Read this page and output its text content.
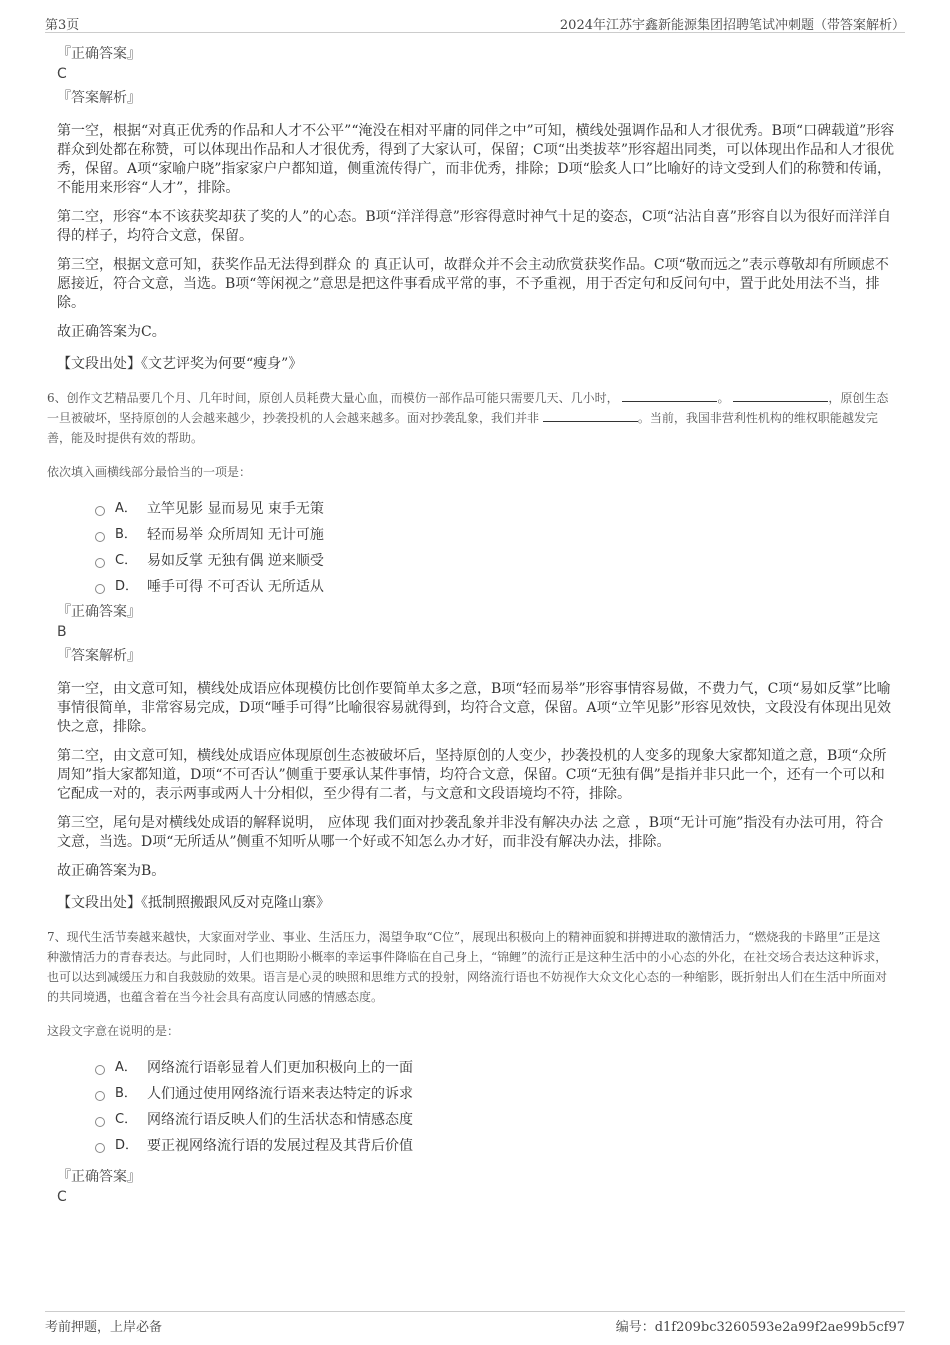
第3页	2024年江苏宇鑫新能源集团招聘笔试冲刺题（带答案解析）
『正确答案』
C
『答案解析』

第一空，根据“对真正优秀的作品和人才不公平”“淹没在相对平庸的同伴之中”可知，横线处强调作品和人才很优秀。B项“口碑载道”形容群众到处都在称赞，可以体现出作品和人才很优秀，得到了大家认可，保留；C项“出类拔萃”形容超出同类，可以体现出作品和人才很优秀，保留。A项“家喻户晓”指家家户户都知道，侧重流传得广，而非优秀，排除；D项“脍炙人口”比喻好的诗文受到人们的称赞和传诵，不能用来形容“人才”，排除。

第二空，形容“本不该获奖却获了奖的人”的心态。B项“洋洋得意”形容得意时神气十足的姿态，C项“沾沾自喜”形容自以为很好而洋洋自得的样子，均符合文意，保留。

第三空，根据文意可知，获奖作品无法得到群众 的 真正认可，故群众并不会主动欣赏获奖作品。C项“敬而远之”表示尊敬却有所顾虑不愿接近，符合文意，当选。B项“等闲视之”意思是把这件事看成平常的事，不予重视，用于否定句和反问句中，置于此处用法不当，排除。

故正确答案为C。

【文段出处】《文艺评奖为何要“瘦身”》
6、创作文艺精品要几个月、几年时间，原创人员耗费大量心血，而模仿一部作品可能只需要几天、几小时，	。	，原创生态一旦被破坏，坚持原创的人会越来越少，抄袭投机的人会越来越多。面对抄袭乱象，我们并非	。当前，我国非营利性机构的维权职能越发完善，能及时提供有效的帮助。
依次填入画横线部分最恰当的一项是：
A． 立竿见影 显而易见 束手无策
B． 轻而易举 众所周知 无计可施
C． 易如反掌 无独有偶 逆来顺受
D． 唾手可得 不可否认 无所适从
『正确答案』
B
『答案解析』

第一空，由文意可知，横线处成语应体现模仿比创作要简单太多之意，B项“轻而易举”形容事情容易做，不费力气，C项“易如反掌”比喻事情很简单，非常容易完成，D项“唾手可得”比喻很容易就得到，均符合文意，保留。A项“立竿见影”形容见效快，文段没有体现出见效快之意，排除。

第二空，由文意可知，横线处成语应体现原创生态被破坏后，坚持原创的人变少，抄袭投机的人变多的现象大家都知道之意，B项“众所周知”指大家都知道，D项“不可否认”侧重于要承认某件事情，均符合文意，保留。C项“无独有偶”是指并非只此一个，还有一个可以和它配成一对的，表示两事或两人十分相似，至少得有二者，与文意和文段语境均不符，排除。

第三空，尾句是对横线处成语的解释说明， 应体现 我们面对抄袭乱象并非没有解决办法 之意 ，B项“无计可施”指没有办法可用，符合文意，当选。D项“无所适从”侧重不知听从哪一个好或不知怎么办才好，而非没有解决办法，排除。

故正确答案为B。

【文段出处】《抵制照搬跟风反对克隆山寨》
7、现代生活节奏越来越快，大家面对学业、事业、生活压力，渴望争取“C位”，展现出积极向上的精神面貌和拼搏进取的激情活力，“燃烧我的卡路里”正是这种激情活力的青春表达。与此同时，人们也期盼小概率的幸运事件降临在自己身上，“锦鲤”的流行正是这种生活中的小心态的外化，在社交场合表达这种诉求，也可以达到减缓压力和自我鼓励的效果。语言是心灵的映照和思维方式的投射，网络流行语也不妨视作大众文化心态的一种缩影，既折射出人们在生活中所面对的共同境遇，也蕴含着在当今社会具有高度认同感的情感态度。
这段文字意在说明的是：
A． 网络流行语彰显着人们更加积极向上的一面
B． 人们通过使用网络流行语来表达特定的诉求
C． 网络流行语反映人们的生活状态和情感态度
D． 要正视网络流行语的发展过程及其背后价值
『正确答案』
C
考前押题，上岸必备	编号：d1f209bc3260593e2a99f2ae99b5cf97
